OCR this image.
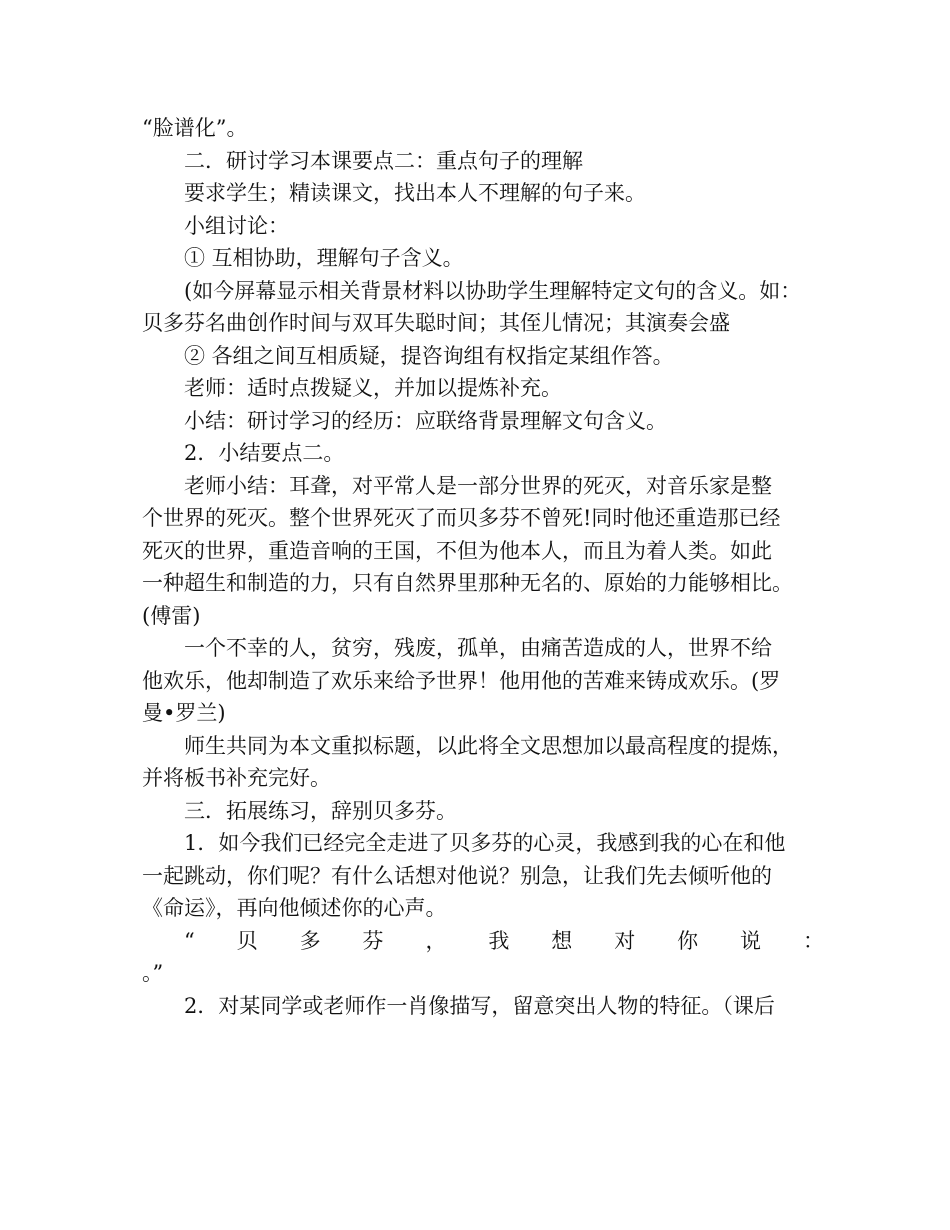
“脸谱化”。
二．研讨学习本课要点二：重点句子的理解
要求学生；精读课文，找出本人不理解的句子来。
小组讨论：
① 互相协助，理解句子含义。
(如今屏幕显示相关背景材料以协助学生理解特定文句的含义。如：
贝多芬名曲创作时间与双耳失聪时间；其侄儿情况；其演奏会盛
② 各组之间互相质疑，提咨询组有权指定某组作答。
老师：适时点拨疑义，并加以提炼补充。
小结：研讨学习的经历：应联络背景理解文句含义。
2．小结要点二。
老师小结：耳聋，对平常人是一部分世界的死灭，对音乐家是整
个世界的死灭。整个世界死灭了而贝多芬不曾死!同时他还重造那已经
死灭的世界，重造音响的王国，不但为他本人，而且为着人类。如此
一种超生和制造的力，只有自然界里那种无名的、原始的力能够相比。
(傅雷)
一个不幸的人，贫穷，残废，孤单，由痛苦造成的人，世界不给
他欢乐，他却制造了欢乐来给予世界！他用他的苦难来铸成欢乐。(罗
曼•罗兰)
师生共同为本文重拟标题，以此将全文思想加以最高程度的提炼，
并将板书补充完好。
三．拓展练习，辞别贝多芬。
1．如今我们已经完全走进了贝多芬的心灵，我感到我的心在和他
一起跳动，你们呢？有什么话想对他说？别急，让我们先去倾听他的
《命运》，再向他倾述你的心声。
“ 贝 多 芬 ， 我 想 对 你 说 ：
。”
2．对某同学或老师作一肖像描写，留意突出人物的特征。（课后
